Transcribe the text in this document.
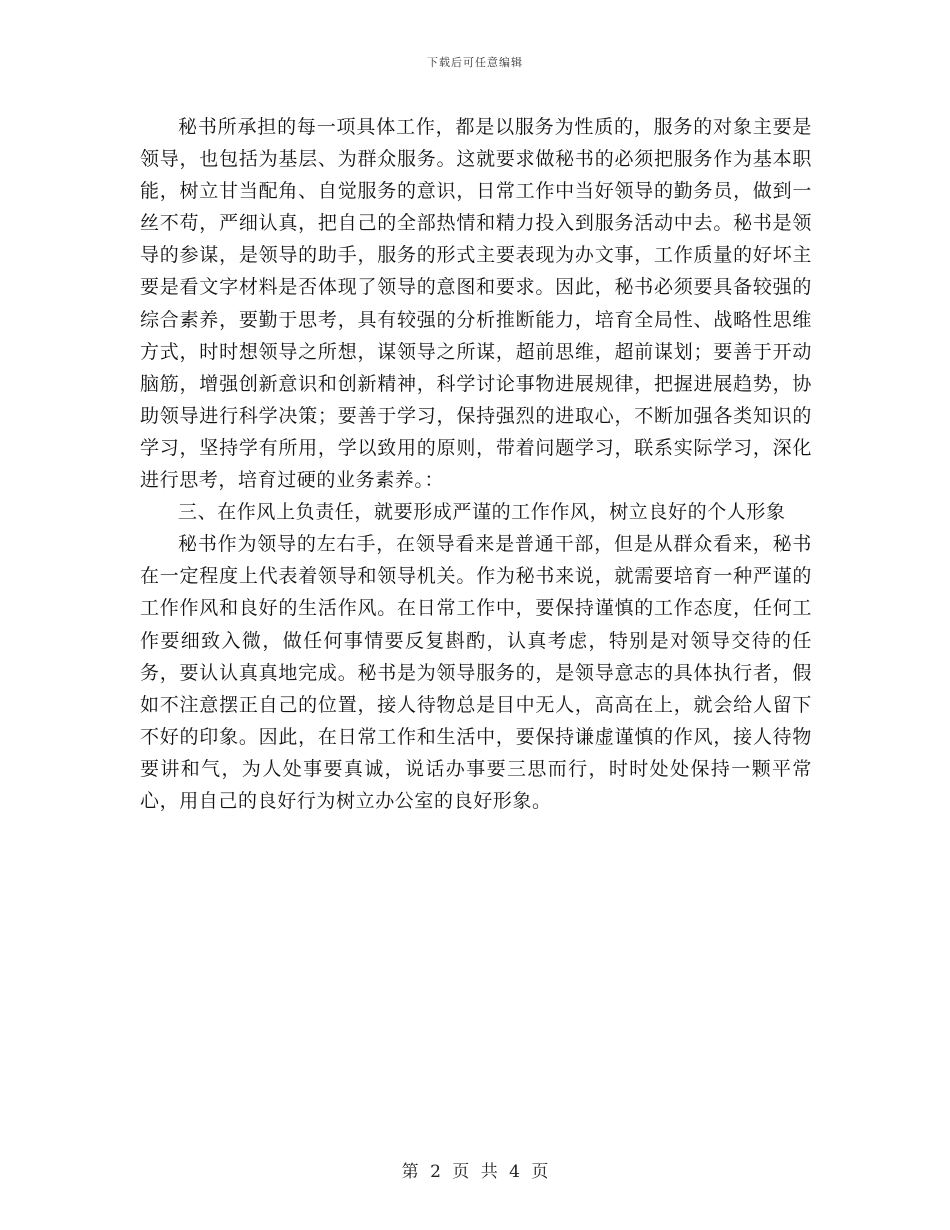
下载后可任意编辑

秘书所承担的每一项具体工作，都是以服务为性质的，服务的对象主要是领导，也包括为基层、为群众服务。这就要求做秘书的必须把服务作为基本职能，树立甘当配角、自觉服务的意识，日常工作中当好领导的勤务员，做到一丝不苟，严细认真，把自己的全部热情和精力投入到服务活动中去。秘书是领导的参谋，是领导的助手，服务的形式主要表现为办文事，工作质量的好坏主要是看文字材料是否体现了领导的意图和要求。因此，秘书必须要具备较强的综合素养，要勤于思考，具有较强的分析推断能力，培育全局性、战略性思维方式，时时想领导之所想，谋领导之所谋，超前思维，超前谋划；要善于开动脑筋，增强创新意识和创新精神，科学讨论事物进展规律，把握进展趋势，协助领导进行科学决策；要善于学习，保持强烈的进取心，不断加强各类知识的学习，坚持学有所用，学以致用的原则，带着问题学习，联系实际学习，深化进行思考，培育过硬的业务素养。：

三、在作风上负责任，就要形成严谨的工作作风，树立良好的个人形象

秘书作为领导的左右手，在领导看来是普通干部，但是从群众看来，秘书在一定程度上代表着领导和领导机关。作为秘书来说，就需要培育一种严谨的工作作风和良好的生活作风。在日常工作中，要保持谨慎的工作态度，任何工作要细致入微，做任何事情要反复斟酌，认真考虑，特别是对领导交待的任务，要认认真真地完成。秘书是为领导服务的，是领导意志的具体执行者，假如不注意摆正自己的位置，接人待物总是目中无人，高高在上，就会给人留下不好的印象。因此，在日常工作和生活中，要保持谦虚谨慎的作风，接人待物要讲和气，为人处事要真诚，说话办事要三思而行，时时处处保持一颗平常心，用自己的良好行为树立办公室的良好形象。

第 2 页 共 4 页
